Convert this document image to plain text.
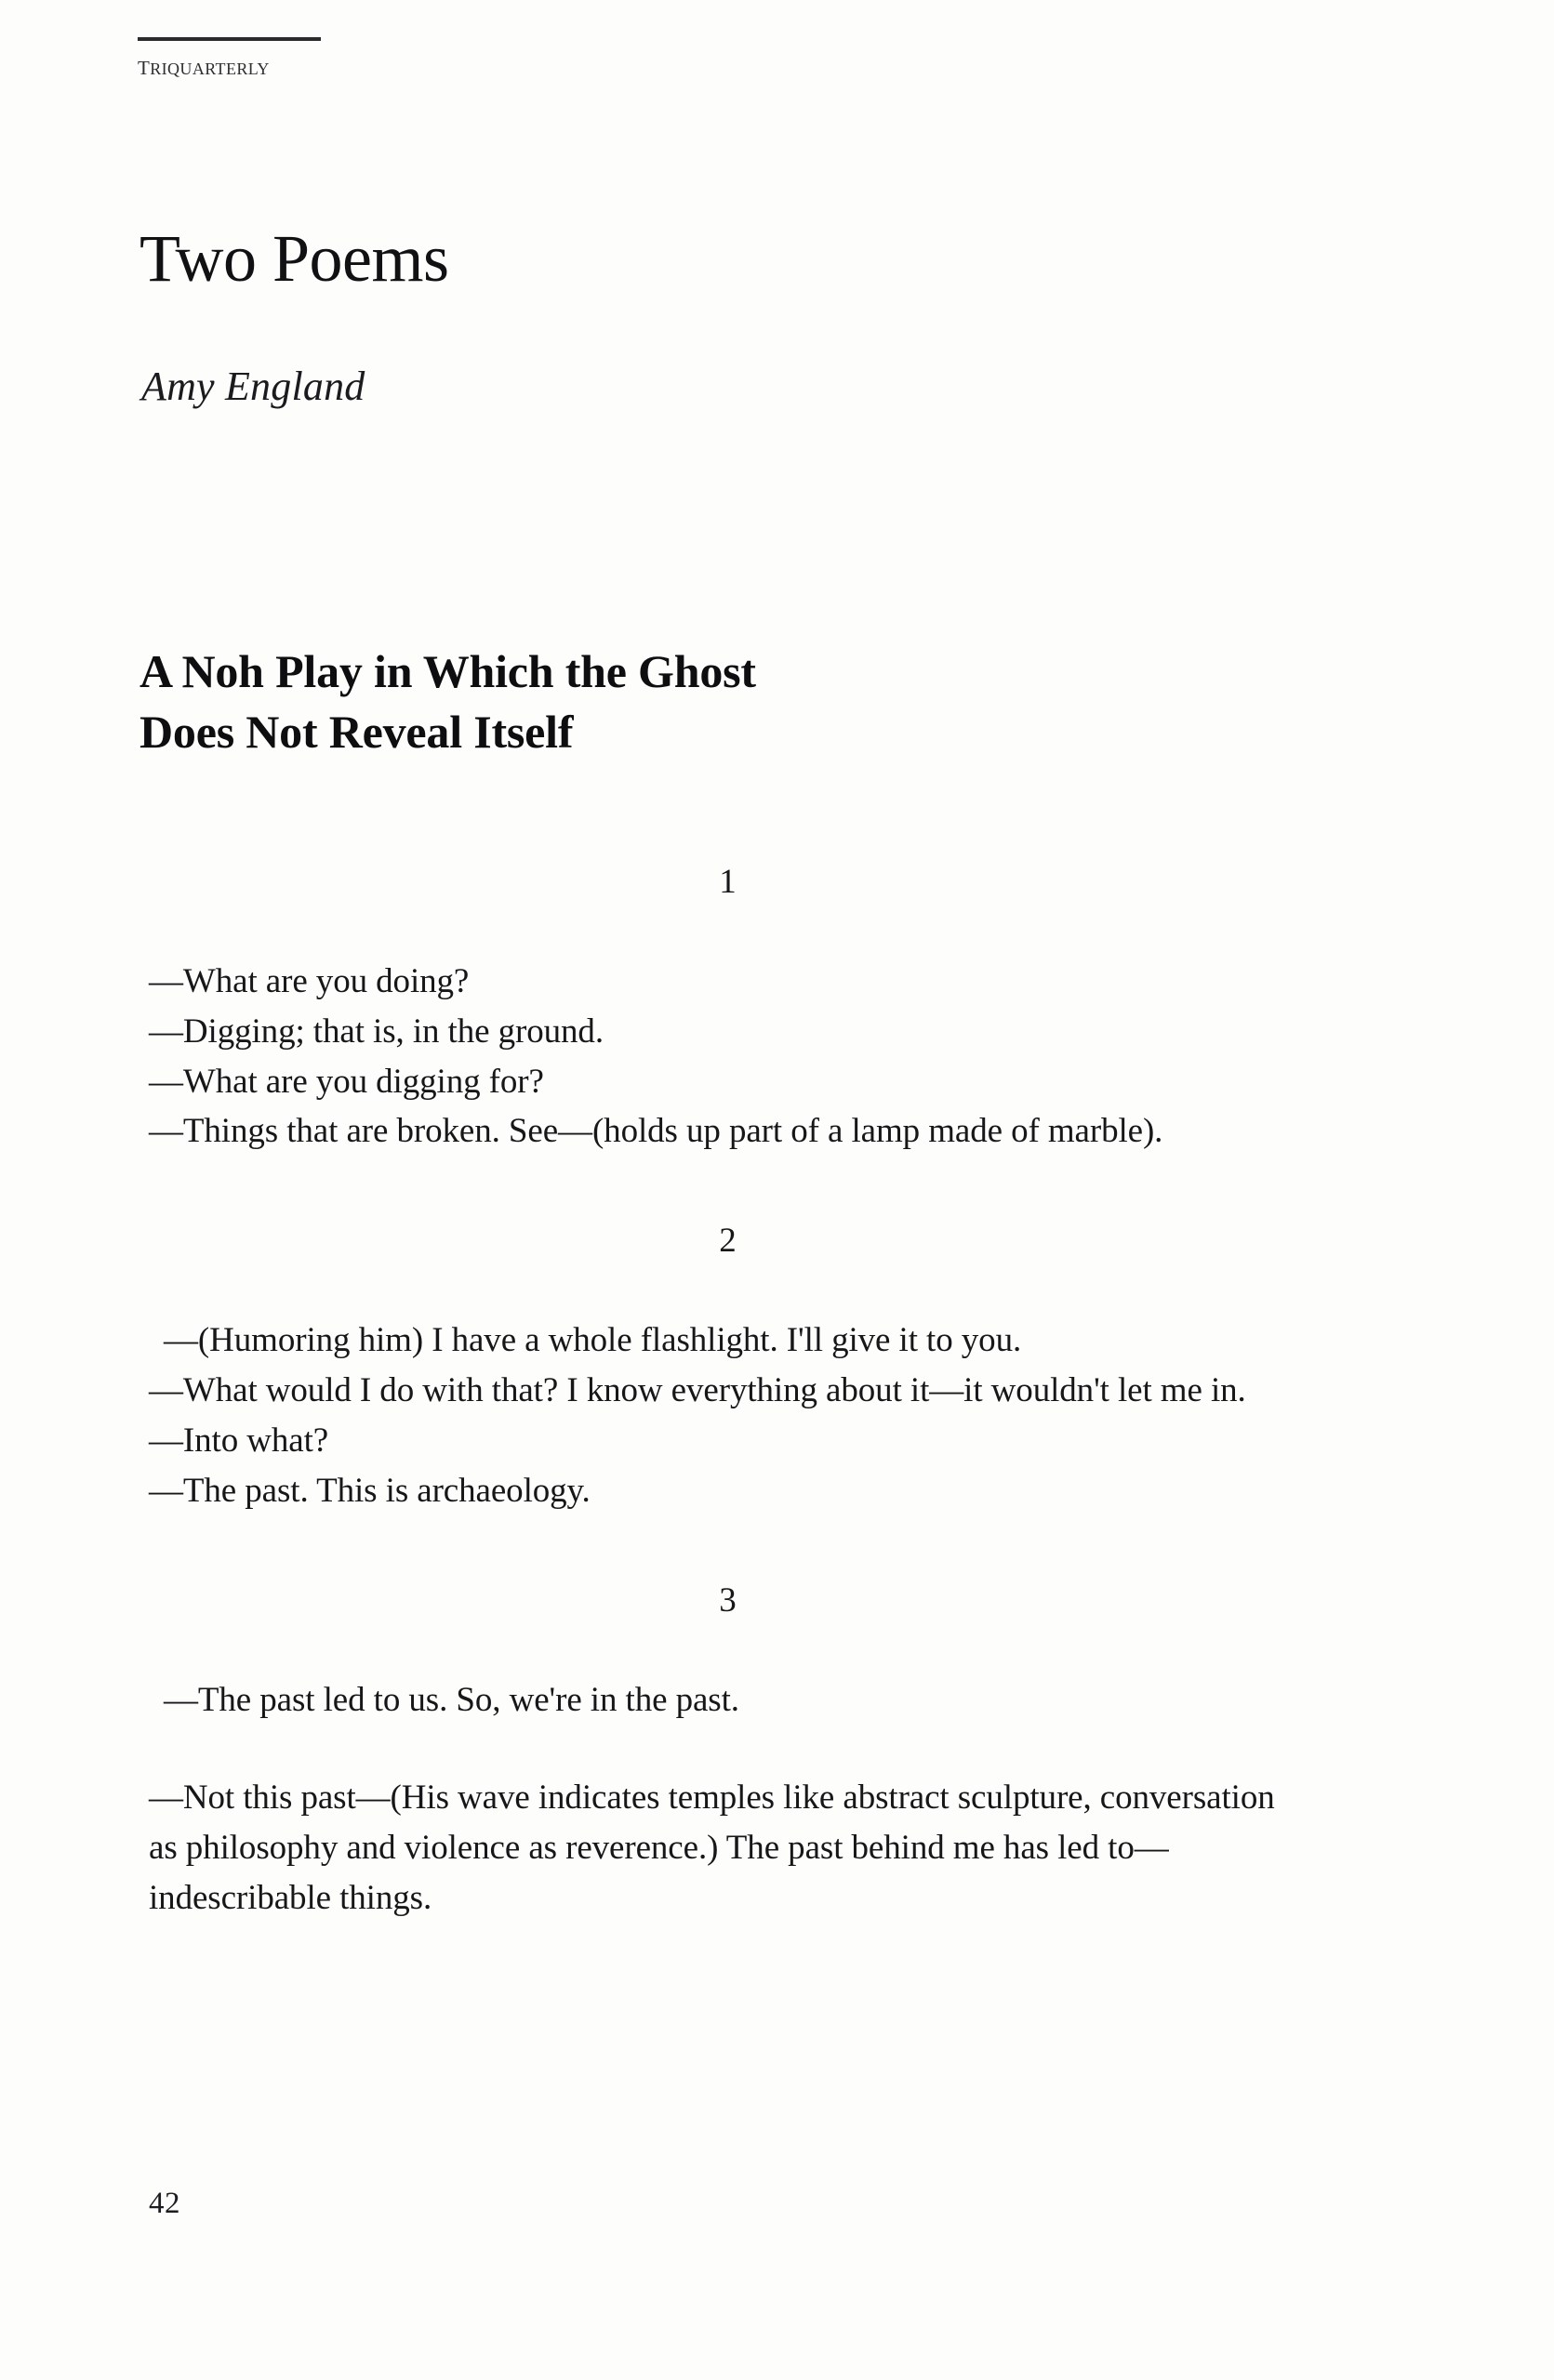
triquarterly
Two Poems
Amy England
A Noh Play in Which the Ghost
Does Not Reveal Itself
1
—What are you doing?
—Digging; that is, in the ground.
—What are you digging for?
—Things that are broken. See—(holds up part of a lamp made of marble).
2
—(Humoring him) I have a whole flashlight. I'll give it to you.
—What would I do with that? I know everything about it—it wouldn't let me in.
—Into what?
—The past. This is archaeology.
3
—The past led to us. So, we're in the past.
—Not this past—(His wave indicates temples like abstract sculpture, conversation as philosophy and violence as reverence.) The past behind me has led to—indescribable things.
42
